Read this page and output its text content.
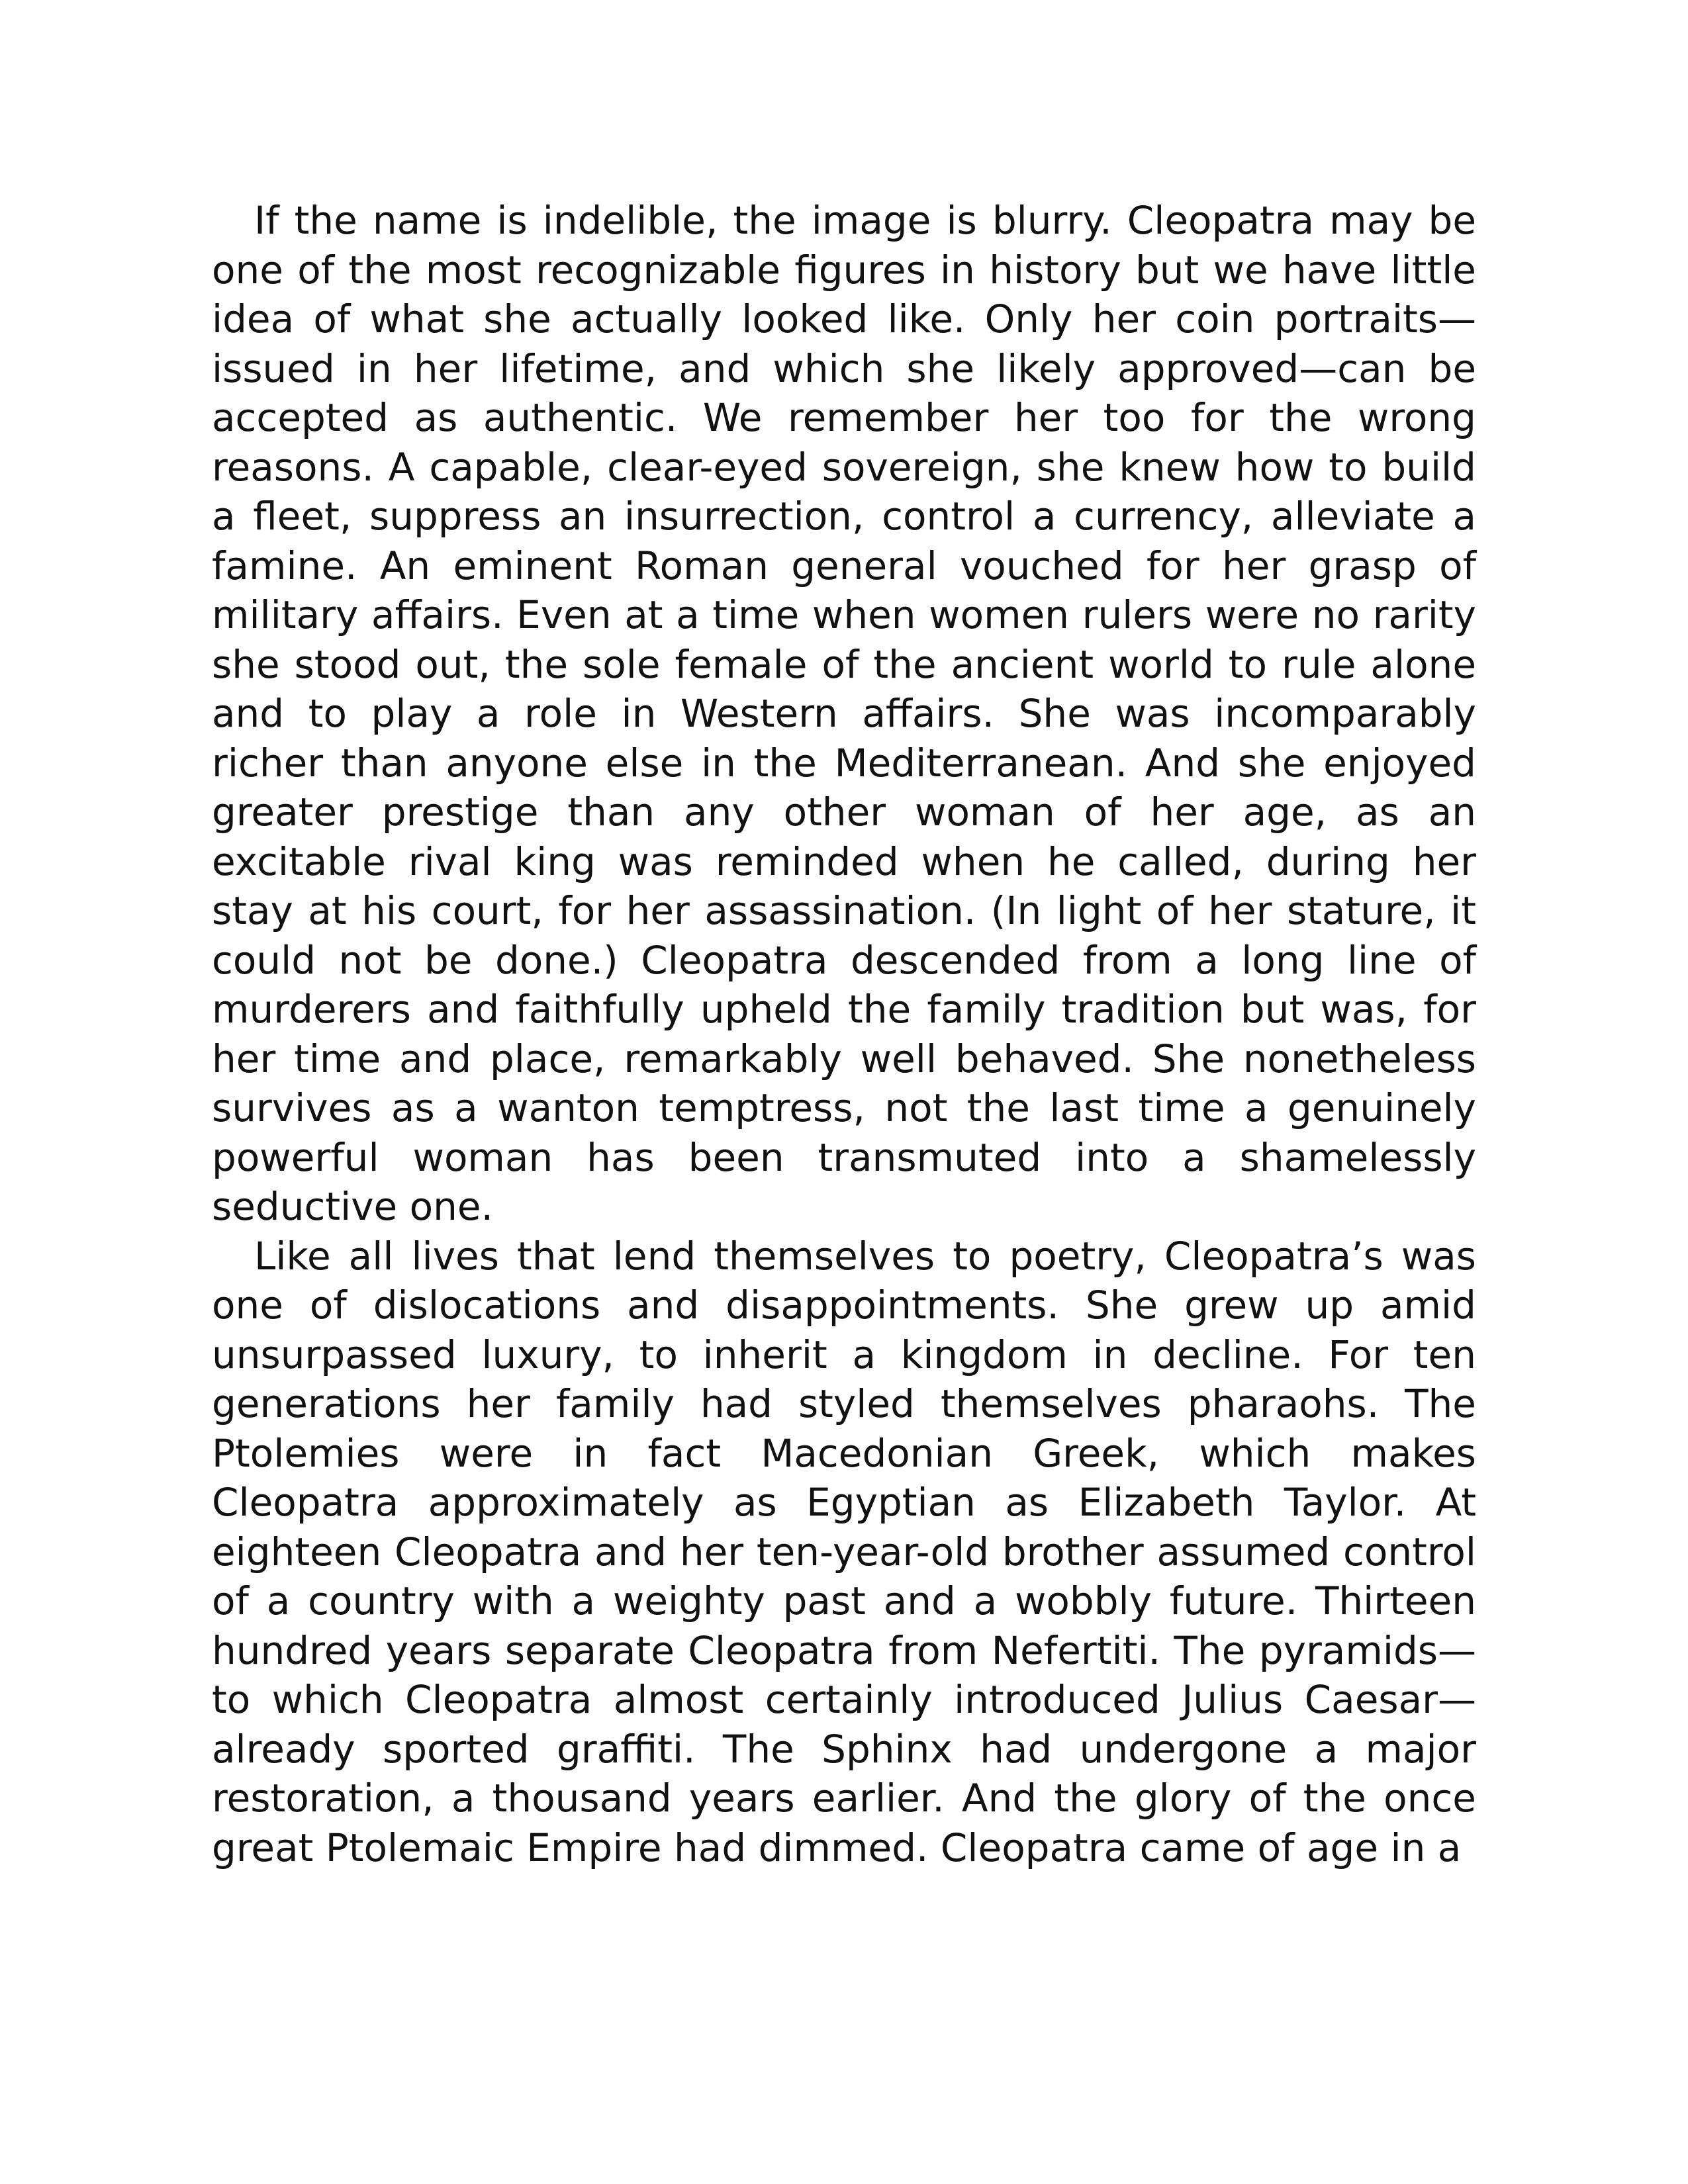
If the name is indelible, the image is blurry. Cleopatra may be one of the most recognizable figures in history but we have little idea of what she actually looked like. Only her coin portraits—issued in her lifetime, and which she likely approved—can be accepted as authentic. We remember her too for the wrong reasons. A capable, clear-eyed sovereign, she knew how to build a fleet, suppress an insurrection, control a currency, alleviate a famine. An eminent Roman general vouched for her grasp of military affairs. Even at a time when women rulers were no rarity she stood out, the sole female of the ancient world to rule alone and to play a role in Western affairs. She was incomparably richer than anyone else in the Mediterranean. And she enjoyed greater prestige than any other woman of her age, as an excitable rival king was reminded when he called, during her stay at his court, for her assassination. (In light of her stature, it could not be done.) Cleopatra descended from a long line of murderers and faithfully upheld the family tradition but was, for her time and place, remarkably well behaved. She nonetheless survives as a wanton temptress, not the last time a genuinely powerful woman has been transmuted into a shamelessly seductive one.

Like all lives that lend themselves to poetry, Cleopatra’s was one of dislocations and disappointments. She grew up amid unsurpassed luxury, to inherit a kingdom in decline. For ten generations her family had styled themselves pharaohs. The Ptolemies were in fact Macedonian Greek, which makes Cleopatra approximately as Egyptian as Elizabeth Taylor. At eighteen Cleopatra and her ten-year-old brother assumed control of a country with a weighty past and a wobbly future. Thirteen hundred years separate Cleopatra from Nefertiti. The pyramids—to which Cleopatra almost certainly introduced Julius Caesar—already sported graffiti. The Sphinx had undergone a major restoration, a thousand years earlier. And the glory of the once great Ptolemaic Empire had dimmed. Cleopatra came of age in a
